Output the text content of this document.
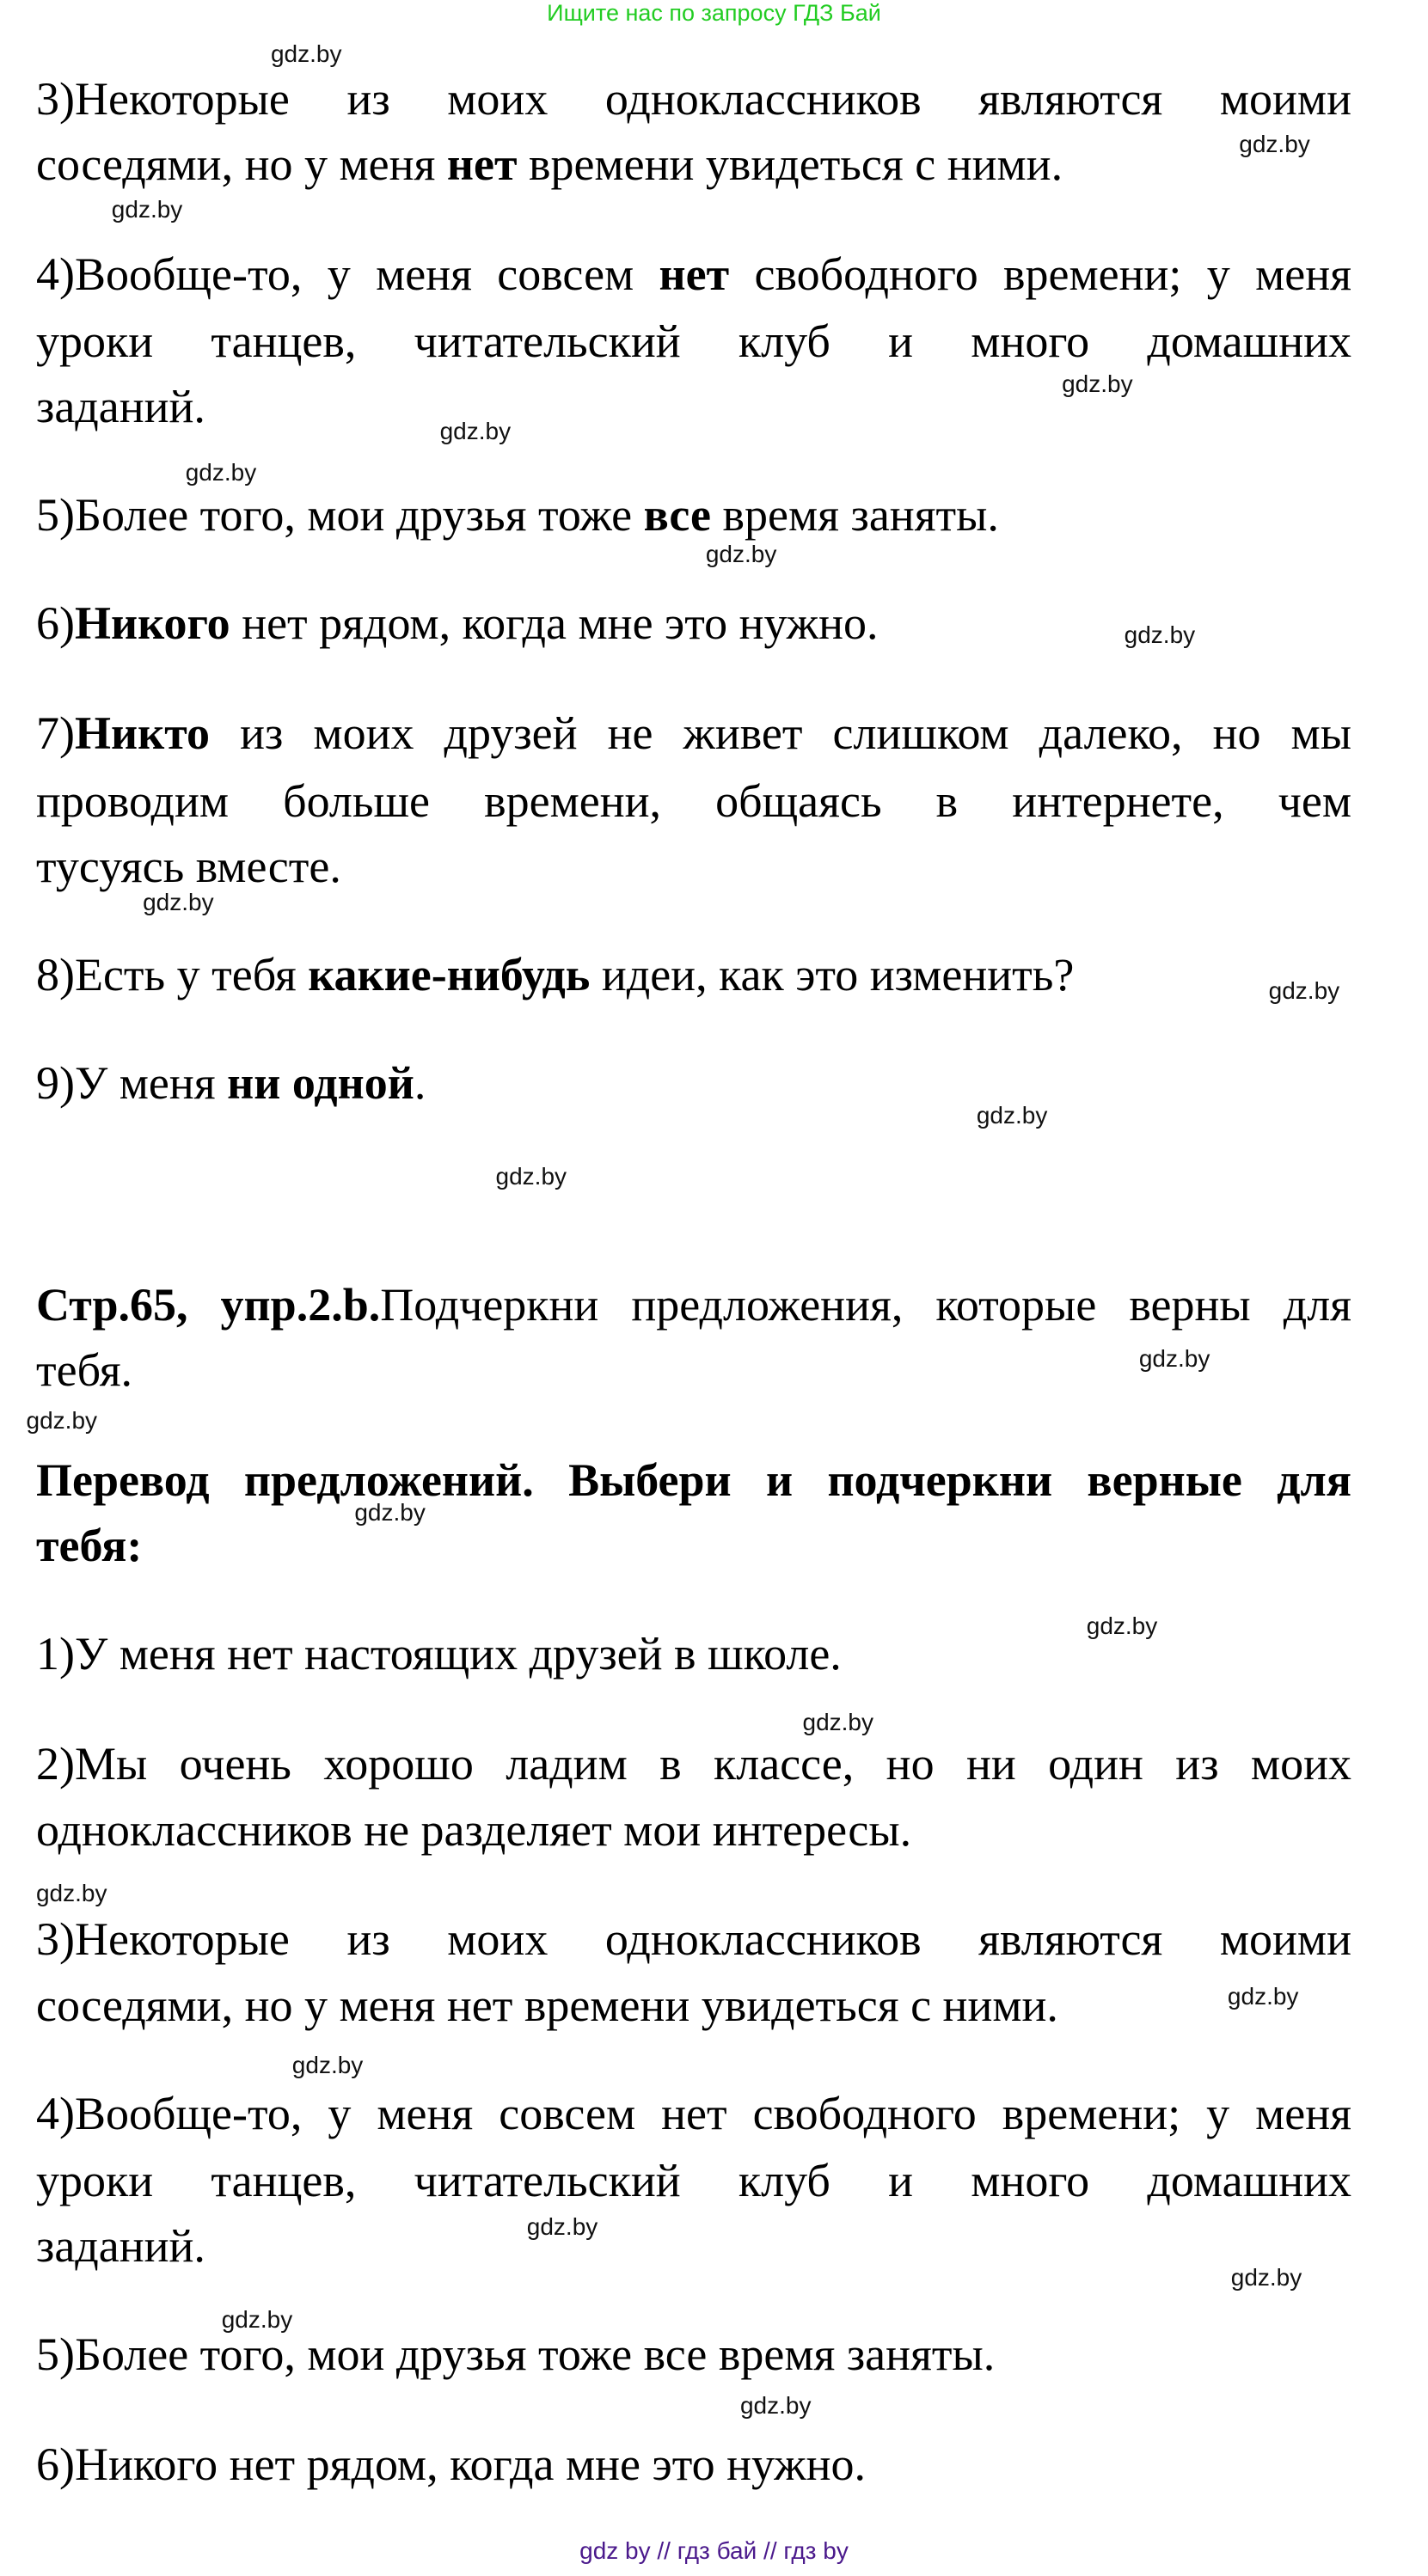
Ищите нас по запросу ГДЗ Бай
3)Некоторые из моих одноклассников являются моими
соседями, но у меня нет времени увидеться с ними.
4)Вообще-то, у меня совсем нет свободного времени; у меня
уроки танцев, читательский клуб и много домашних
заданий.
5)Более того, мои друзья тоже все время заняты.
6)Никого нет рядом, когда мне это нужно.
7)Никто из моих друзей не живет слишком далеко, но мы
проводим больше времени, общаясь в интернете, чем
тусуясь вместе.
8)Есть у тебя какие-нибудь идеи, как это изменить?
9)У меня ни одной.
Стр.65, упр.2.b.Подчеркни предложения, которые верны для
тебя.
Перевод предложений. Выбери и подчеркни верные для
тебя:
1)У меня нет настоящих друзей в школе.
2)Мы очень хорошо ладим в классе, но ни один из моих
одноклассников не разделяет мои интересы.
3)Некоторые из моих одноклассников являются моими
соседями, но у меня нет времени увидеться с ними.
4)Вообще-то, у меня совсем нет свободного времени; у меня
уроки танцев, читательский клуб и много домашних
заданий.
5)Более того, мои друзья тоже все время заняты.
6)Никого нет рядом, когда мне это нужно.
gdz.by
gdz.by
gdz.by
gdz.by
gdz.by
gdz.by
gdz.by
gdz.by
gdz.by
gdz.by
gdz.by
gdz.by
gdz.by
gdz.by
gdz.by
gdz.by
gdz.by
gdz.by
gdz.by
gdz.by
gdz.by
gdz.by
gdz.by
gdz.by
gdz by // гдз бай // гдз by
